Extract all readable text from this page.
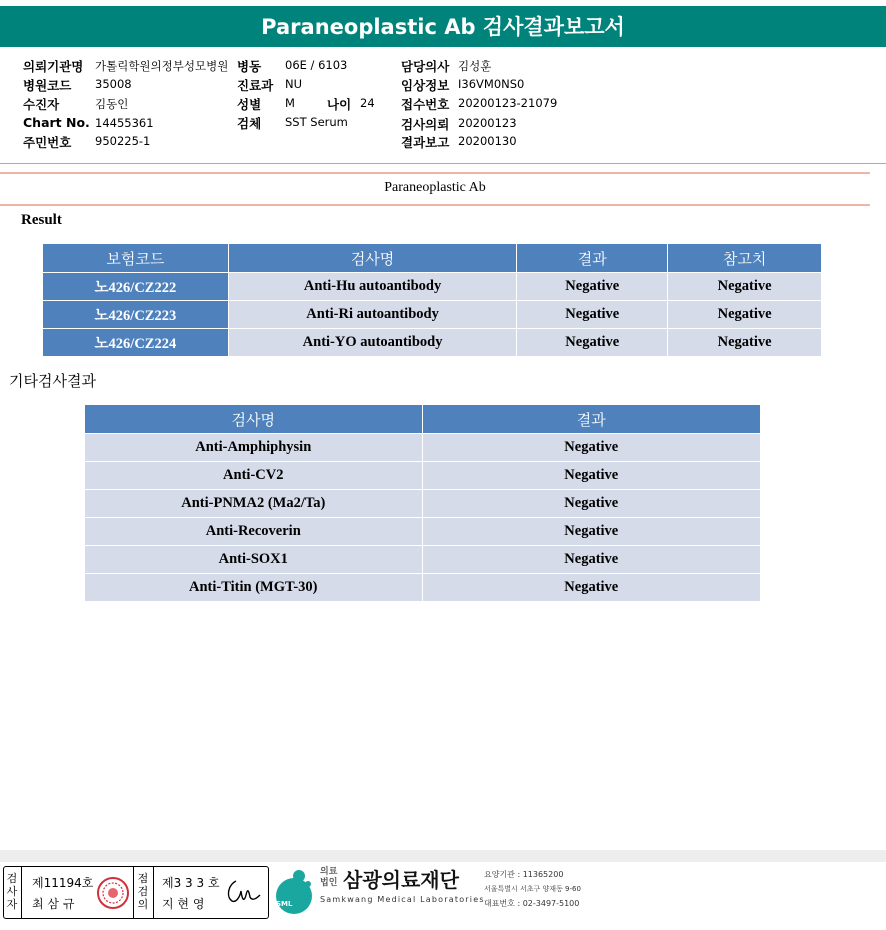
Paraneoplastic Ab 검사결과보고서
의뢰기관명 가톨릭학원의정부성모병원
병원코드 35008
수진자	김동인
Chart No. 14455361
주민번호 950225-1
병동 06E / 6103
진료과 NU
성별 M	나이 24
검체 SST Serum
담당의사 김성훈
임상정보 I36VM0NS0
접수번호 20200123-21079
검사의뢰 20200123
결과보고 20200130
Paraneoplastic Ab
Result
보험코드	검사명	결과	참고치
노426/CZ222	Anti-Hu autoantibody	Negative	Negative
노426/CZ223	Anti-Ri autoantibody	Negative	Negative
노426/CZ224	Anti-YO autoantibody	Negative	Negative
기타검사결과
검사명	결과
Anti-Amphiphysin	Negative
Anti-CV2	Negative
Anti-PNMA2 (Ma2/Ta)	Negative
Anti-Recoverin	Negative
Anti-SOX1	Negative
Anti-Titin (MGT-30)	Negative
검사자
제11194호
최 삼 규
점검의
제3 3 3 호
지 현 영	SML
의료법인 삼광의료재단
Samkwang Medical Laboratories
요양기관 : 11365200
서울특별시 서초구 양재동 9-60
대표번호 : 02-3497-5100
